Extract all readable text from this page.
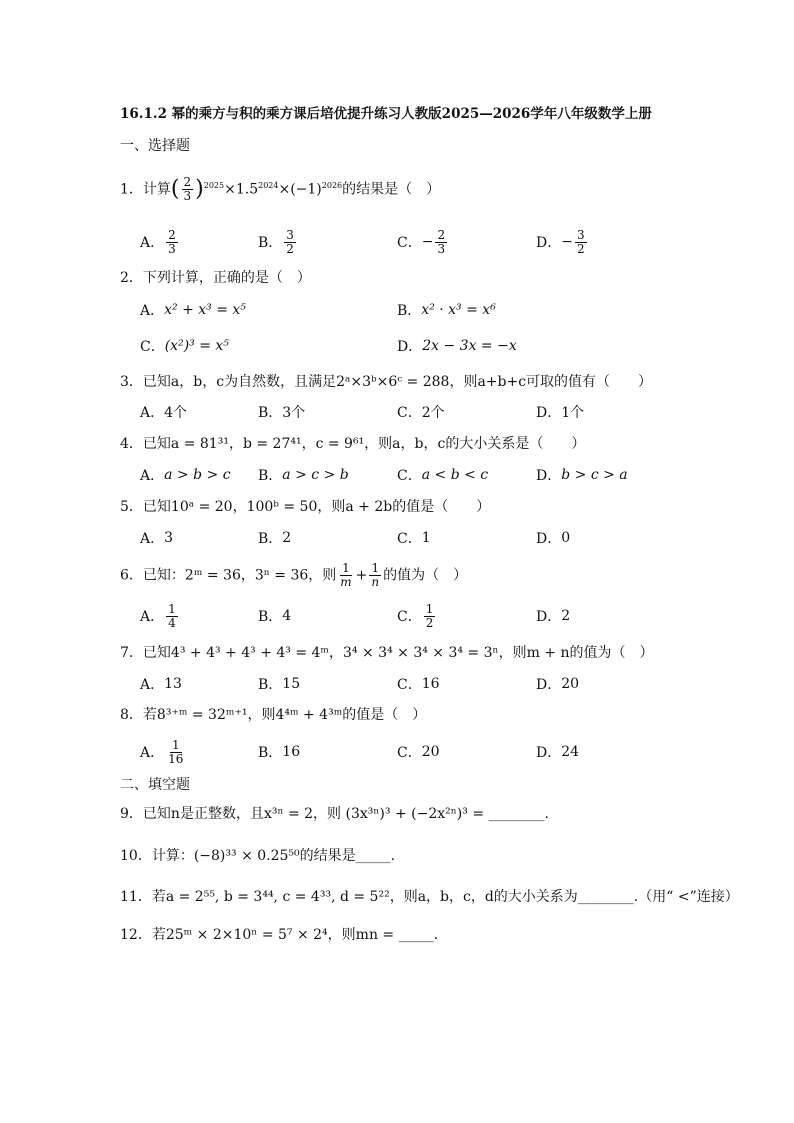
16.1.2 幂的乘方与积的乘方课后培优提升练习人教版2025—2026学年八年级数学上册
一、选择题
1．计算( $\frac{2}{3} )^{2025}\times 1.5^{2024}\times(-1)^{2026}$的结果是（　）
A． $\frac{2}{3}$	B． $\frac{3}{2}$	C． − $\frac{2}{3}$	D． − $\frac{3}{2}$
2．下列计算，正确的是（　）
A． x² + x³ = x⁵	B． x² · x³ = x⁶
C． (x²)³ = x⁵	D． 2x − 3x = −x
3．已知a，b，c为自然数，且满足2ᵃ×3ᵇ×6ᶜ = 288，则a+b+c可取的值有（　　）
A． 4个	B． 3个	C． 2个	D． 1个
4．已知a = 81³¹，b = 27⁴¹，c = 9⁶¹，则a，b，c的大小关系是（　　）
A． a > b > c B． a > c > b	C． a < b < c	D． b > c > a
5．已知10ᵃ = 20，100ᵇ = 50，则a + 2b的值是（　　）
A． 3	B． 2	C． 1	D． 0
6．已知：2ᵐ = 36，3ⁿ = 36，则 $\frac{1}{m} + \frac{1}{n}$ 的值为（　）
A． $\frac{1}{4}$	B． 4	C． $\frac{1}{2}$	D． 2
7．已知4³ + 4³ + 4³ + 4³ = 4ᵐ，3⁴ × 3⁴ × 3⁴ × 3⁴ = 3ⁿ，则m + n的值为（　）
A． 13	B． 15	C． 16	D． 20
8．若8³⁺ᵐ = 32ᵐ⁺¹，则4⁴ᵐ + 4³ᵐ的值是（　）
A． $\frac{1}{16}$	B． 16	C． 20	D． 24
二、填空题
9．已知n是正整数，且x³ⁿ = 2，则 (3x³ⁿ)³ + (−2x²ⁿ)³ = ________.
10．计算：(−8)³³ × 0.25⁵⁰的结果是_____.
11．若a = 2⁵⁵, b = 3⁴⁴, c = 4³³, d = 5²²，则a，b，c，d的大小关系为________.（用“ <”连接）
12．若25ᵐ × 2×10ⁿ = 5⁷ × 2⁴，则mn = _____.
